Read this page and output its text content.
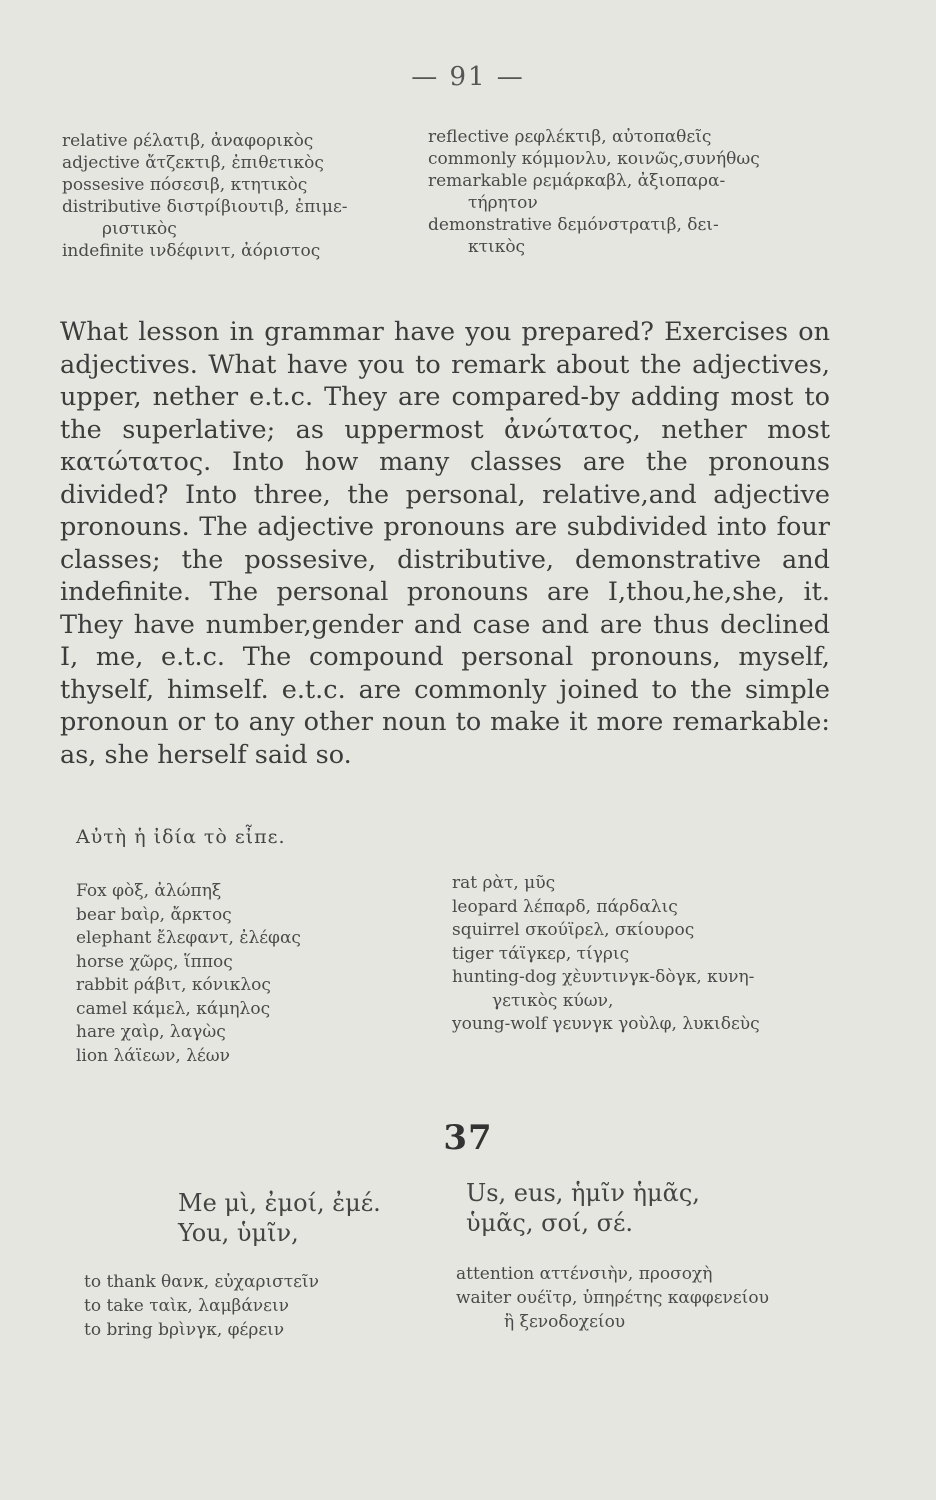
— 91 —
relative ρέλατιβ, ἀναφορικὸς
adjective ἄτζεκτιβ, ἐπιθετικὸς
possesive πόσεσιβ, κτητικὸς
distributive διστρίβιουτιβ, ἐπιμε-
ριστικὸς
indefinite ινδέφινιτ, ἀόριστος
reflective ρεφλέκτιβ, αὐτοπαθεῖς
commonly κόμμονλυ, κοινῶς,συνήθως
remarkable ρεμάρκαβλ, ἀξιοπαρα-
τήρητον
demonstrative δεμόνστρατιβ, δει-
κτικὸς
What lesson in grammar have you prepared? Exercises on adjectives. What have you to remark about the adjectives, upper, nether e.t.c. They are compared-by adding most to the superlative; as uppermost ἀνώτατος, nether most κατώτατος. Into how many classes are the pronouns divided? Into three, the personal, relative,and adjective pronouns. The adjective pronouns are subdivided into four classes; the possesive, distributive, demonstrative and indefinite. The personal pronouns are I,thou,he,she, it. They have number,gender and case and are thus declined I, me, e.t.c. The compound personal pronouns, myself, thyself, himself. e.t.c. are commonly joined to the simple pronoun or to any other noun to make it more remarkable: as, she herself said so.
Αὐτὴ ἡ ἰδία τὸ εἶπε.
Fox φὸξ, ἀλώπηξ
bear bαὶρ, ἄρκτος
elephant ἔλεφαντ, ἐλέφας
horse χῶρς, ἵππος
rabbit ράβιτ, κόνικλος
camel κάμελ, κάμηλος
hare χαὶρ, λαγὼς
lion λάϊεων, λέων
rat ρὰτ, μῦς
leopard λέπαρδ, πάρδαλις
squirrel σκούϊρελ, σκίουρος
tiger τάϊγκερ, τίγρις
hunting-dog χὲυντινγκ-δὸγκ, κυνη-
γετικὸς κύων,
young-wolf γευνγκ γοὺλφ, λυκιδεὺς
37
Me μὶ, ἐμοί, ἐμέ.
You, ὑμῖν,
Us, eus, ἡμῖν ἡμᾶς,
ὑμᾶς, σοί, σέ.
to thank θανκ, εὐχαριστεῖν
to take ταὶκ, λαμβάνειν
to bring bρὶνγκ, φέρειν
attention αττένσιὴν, προσοχὴ
waiter ουέϊτρ, ὑπηρέτης καφφενείου
ἢ ξενοδοχείου
